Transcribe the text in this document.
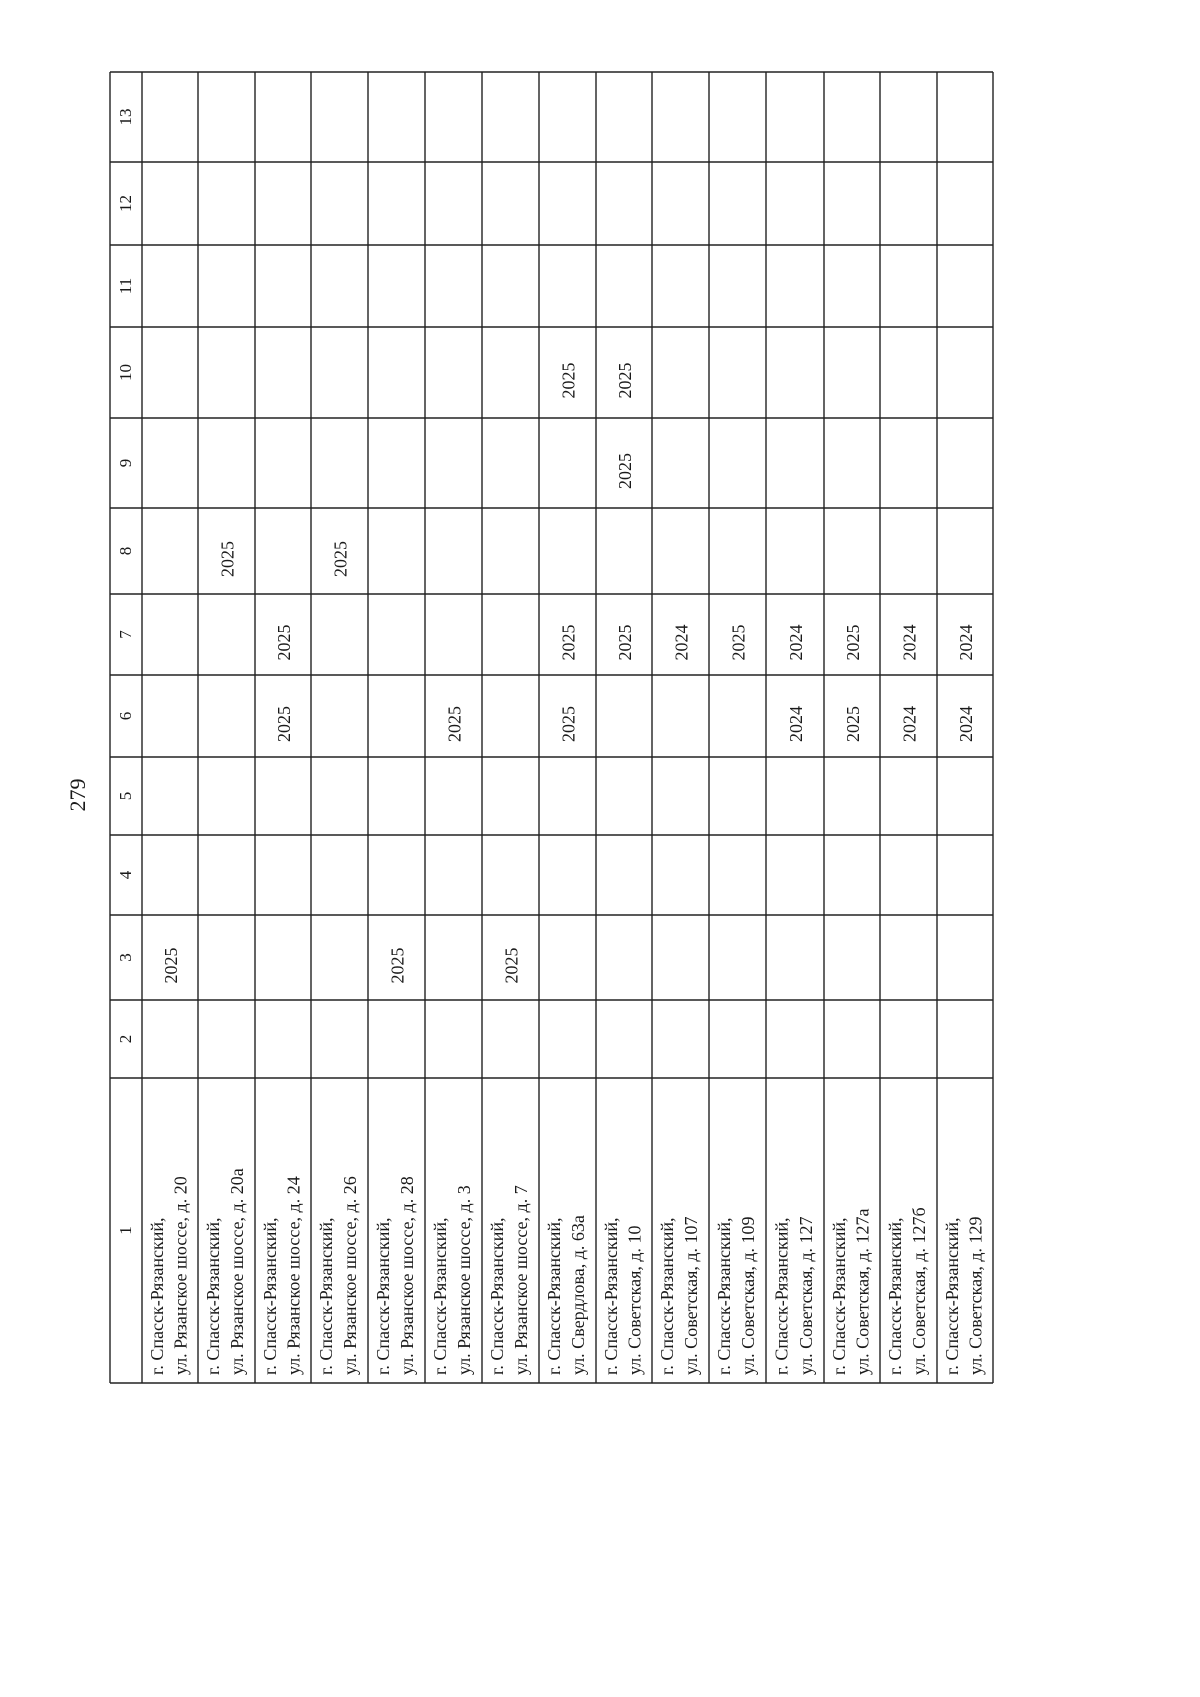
279
1
2
3
4
5
6
7
8
9
10
11
12
13
г. Спасск-Рязанский, ул. Рязанское шоссе, д. 20
2025
г. Спасск-Рязанский, ул. Рязанское шоссе, д. 20а
2025
г. Спасск-Рязанский, ул. Рязанское шоссе, д. 24
2025
2025
г. Спасск-Рязанский, ул. Рязанское шоссе, д. 26
2025
г. Спасск-Рязанский, ул. Рязанское шоссе, д. 28
2025
г. Спасск-Рязанский, ул. Рязанское шоссе, д. 3
2025
г. Спасск-Рязанский, ул. Рязанское шоссе, д. 7
2025
г. Спасск-Рязанский, ул. Свердлова, д. 63а
2025
2025
2025
г. Спасск-Рязанский, ул. Советская, д. 10
2025
2025
2025
г. Спасск-Рязанский, ул. Советская, д. 107
2024
г. Спасск-Рязанский, ул. Советская, д. 109
2025
г. Спасск-Рязанский, ул. Советская, д. 127
2024
2024
г. Спасск-Рязанский, ул. Советская, д. 127а
2025
2025
г. Спасск-Рязанский, ул. Советская, д. 127б
2024
2024
г. Спасск-Рязанский, ул. Советская, д. 129
2024
2024
